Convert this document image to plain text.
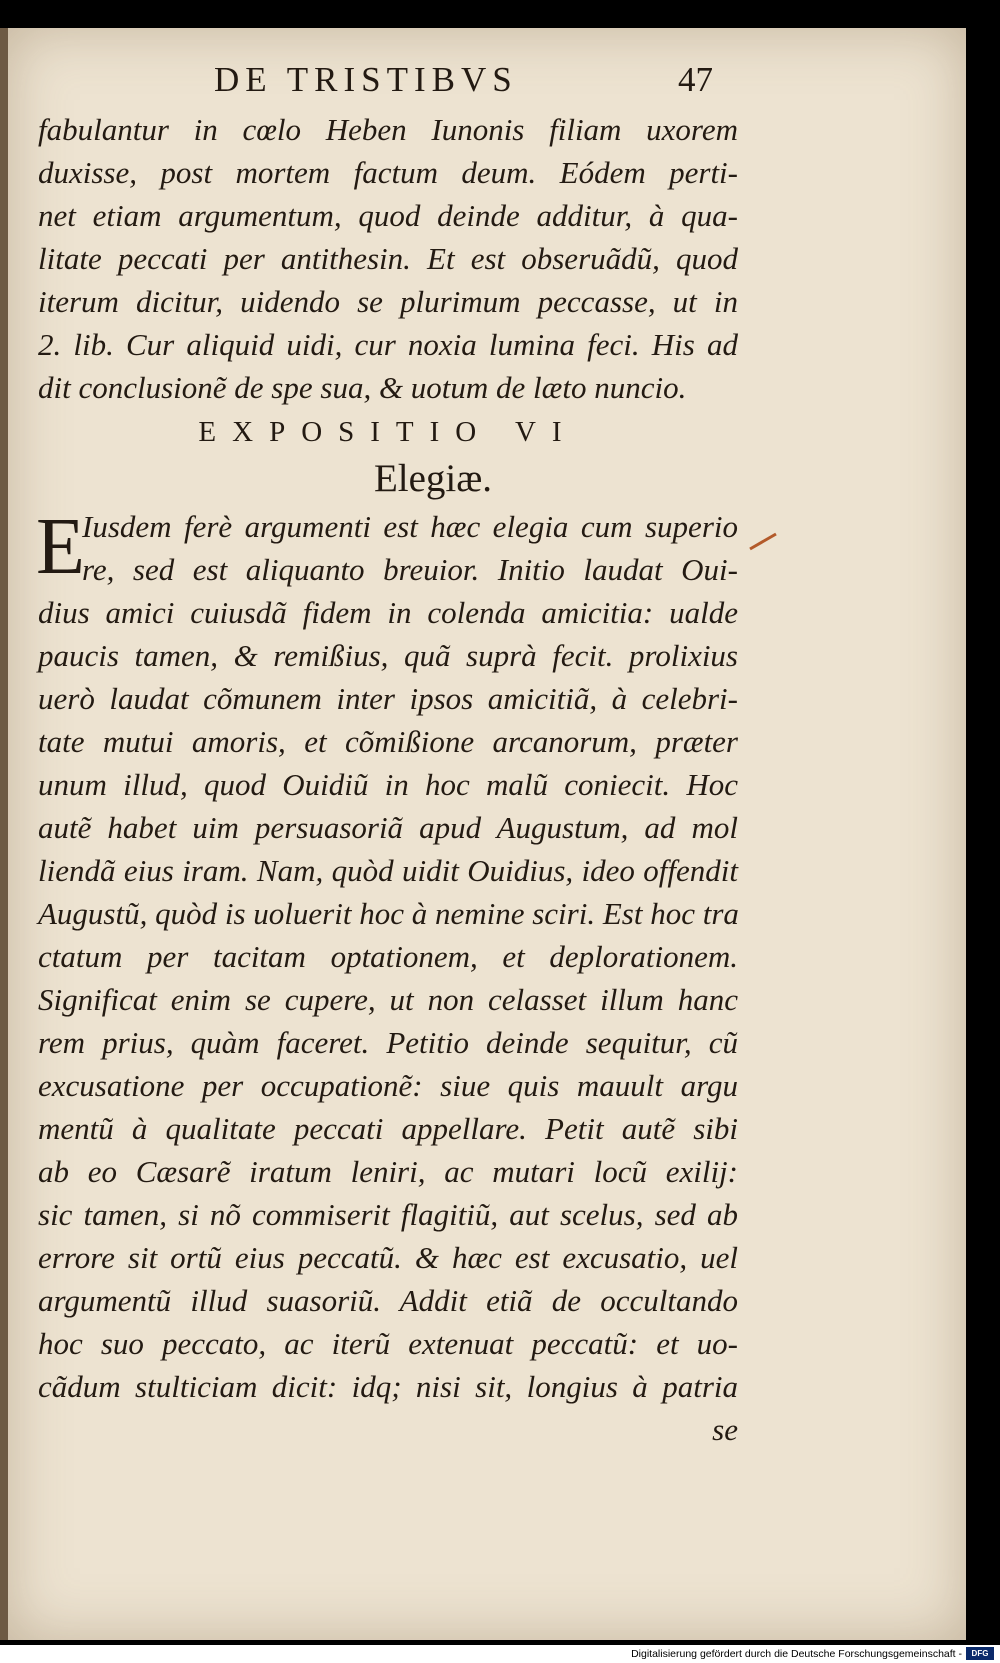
DE TRISTIBVS	47
fabulantur in cœlo Heben Iunonis filiam uxorem
duxisse, post mortem factum deum. Eódem perti-
net etiam argumentum, quod deinde additur, à qua-
litate peccati per antithesin. Et est obseruãdũ, quod
iterum dicitur, uidendo se plurimum peccasse, ut in
2. lib. Cur aliquid uidi, cur noxia lumina feci. His ad
dit conclusionẽ de spe sua, & uotum de læto nuncio.
EXPOSITIO VI
Elegiæ.
E
Iusdem ferè argumenti est hæc elegia cum superio
re, sed est aliquanto breuior. Initio laudat Oui-
dius amici cuiusdã fidem in colenda amicitia: ualde
paucis tamen, & remißius, quã suprà fecit. prolixius
uerò laudat cõmunem inter ipsos amicitiã, à celebri-
tate mutui amoris, et cõmißione arcanorum, præter
unum illud, quod Ouidiũ in hoc malũ coniecit. Hoc
autẽ habet uim persuasoriã apud Augustum, ad mol
liendã eius iram. Nam, quòd uidit Ouidius, ideo offendit
Augustũ, quòd is uoluerit hoc à nemine sciri. Est hoc tra
ctatum per tacitam optationem, et deplorationem.
Significat enim se cupere, ut non celasset illum hanc
rem prius, quàm faceret. Petitio deinde sequitur, cũ
excusatione per occupationẽ: siue quis mauult argu
mentũ à qualitate peccati appellare. Petit autẽ sibi
ab eo Cæsarẽ iratum leniri, ac mutari locũ exilij:
sic tamen, si nõ commiserit flagitiũ, aut scelus, sed ab
errore sit ortũ eius peccatũ. & hæc est excusatio, uel
argumentũ illud suasoriũ. Addit etiã de occultando
hoc suo peccato, ac iterũ extenuat peccatũ: et uo-
cãdum stulticiam dicit: idq; nisi sit, longius à patria
se
Digitalisierung gefördert durch die Deutsche Forschungsgemeinschaft -	DFG
